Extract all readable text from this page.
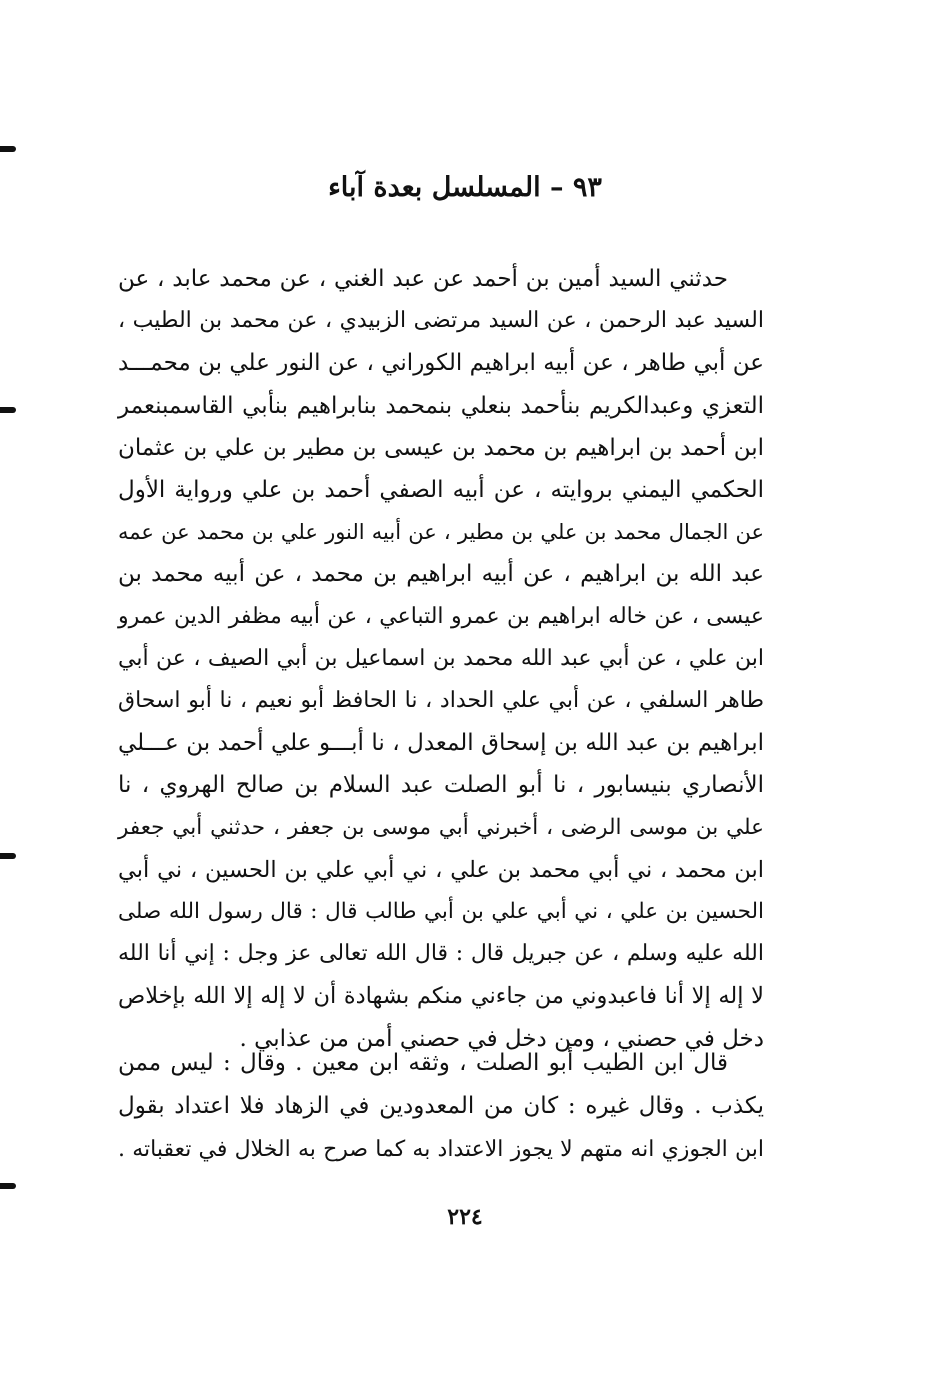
٩٣ – المسلسل بعدة آباء
حدثني السيد أمين بن أحمد عن عبد الغني ، عن محمد عابد ، عن
السيد عبد الرحمن ، عن السيد مرتضى الزبيدي ، عن محمد بن الطيب ،
عن أبي طاهر ، عن أبيه ابراهيم الكوراني ، عن النور علي بن محمـــد
التعزي وعبدالكريم بنأحمد بنعلي بنمحمد بنابراهيم بنأبي القاسمبنعمر
ابن أحمد بن ابراهيم بن محمد بن عيسى بن مطير بن علي بن عثمان
الحكمي اليمني بروايته ، عن أبيه الصفي أحمد بن علي ورواية الأول
عن الجمال محمد بن علي بن مطير ، عن أبيه النور علي بن محمد عن عمه
عبد الله بن ابراهيم ، عن أبيه ابراهيم بن محمد ، عن أبيه محمد بن
عيسى ، عن خاله ابراهيم بن عمرو التباعي ، عن أبيه مظفر الدين عمرو
ابن علي ، عن أبي عبد الله محمد بن اسماعيل بن أبي الصيف ، عن أبي
طاهر السلفي ، عن أبي علي الحداد ، نا الحافظ أبو نعيم ، نا أبو اسحاق
ابراهيم بن عبد الله بن إسحاق المعدل ، نا أبـــو علي أحمد بن عـــلي
الأنصاري بنيسابور ، نا أبو الصلت عبد السلام بن صالح الهروي ، نا
علي بن موسى الرضى ، أخبرني أبي موسى بن جعفر ، حدثني أبي جعفر
ابن محمد ، ني أبي محمد بن علي ، ني أبي علي بن الحسين ، ني أبي
الحسين بن علي ، ني أبي علي بن أبي طالب قال : قال رسول الله صلى
الله عليه وسلم ، عن جبريل قال : قال الله تعالى عز وجل : إني أنا الله
لا إله إلا أنا فاعبدوني من جاءني منكم بشهادة أن لا إله إلا الله بإخلاص
دخل في حصني ، ومن دخل في حصني أمن من عذابي .
قال ابن الطيب أبو الصلت ، وثقه ابن معين . وقال : ليس ممن
يكذب . وقال غيره : كان من المعدودين في الزهاد فلا اعتداد بقول
ابن الجوزي انه متهم لا يجوز الاعتداد به كما صرح به الخلال في تعقباته .
٢٢٤
